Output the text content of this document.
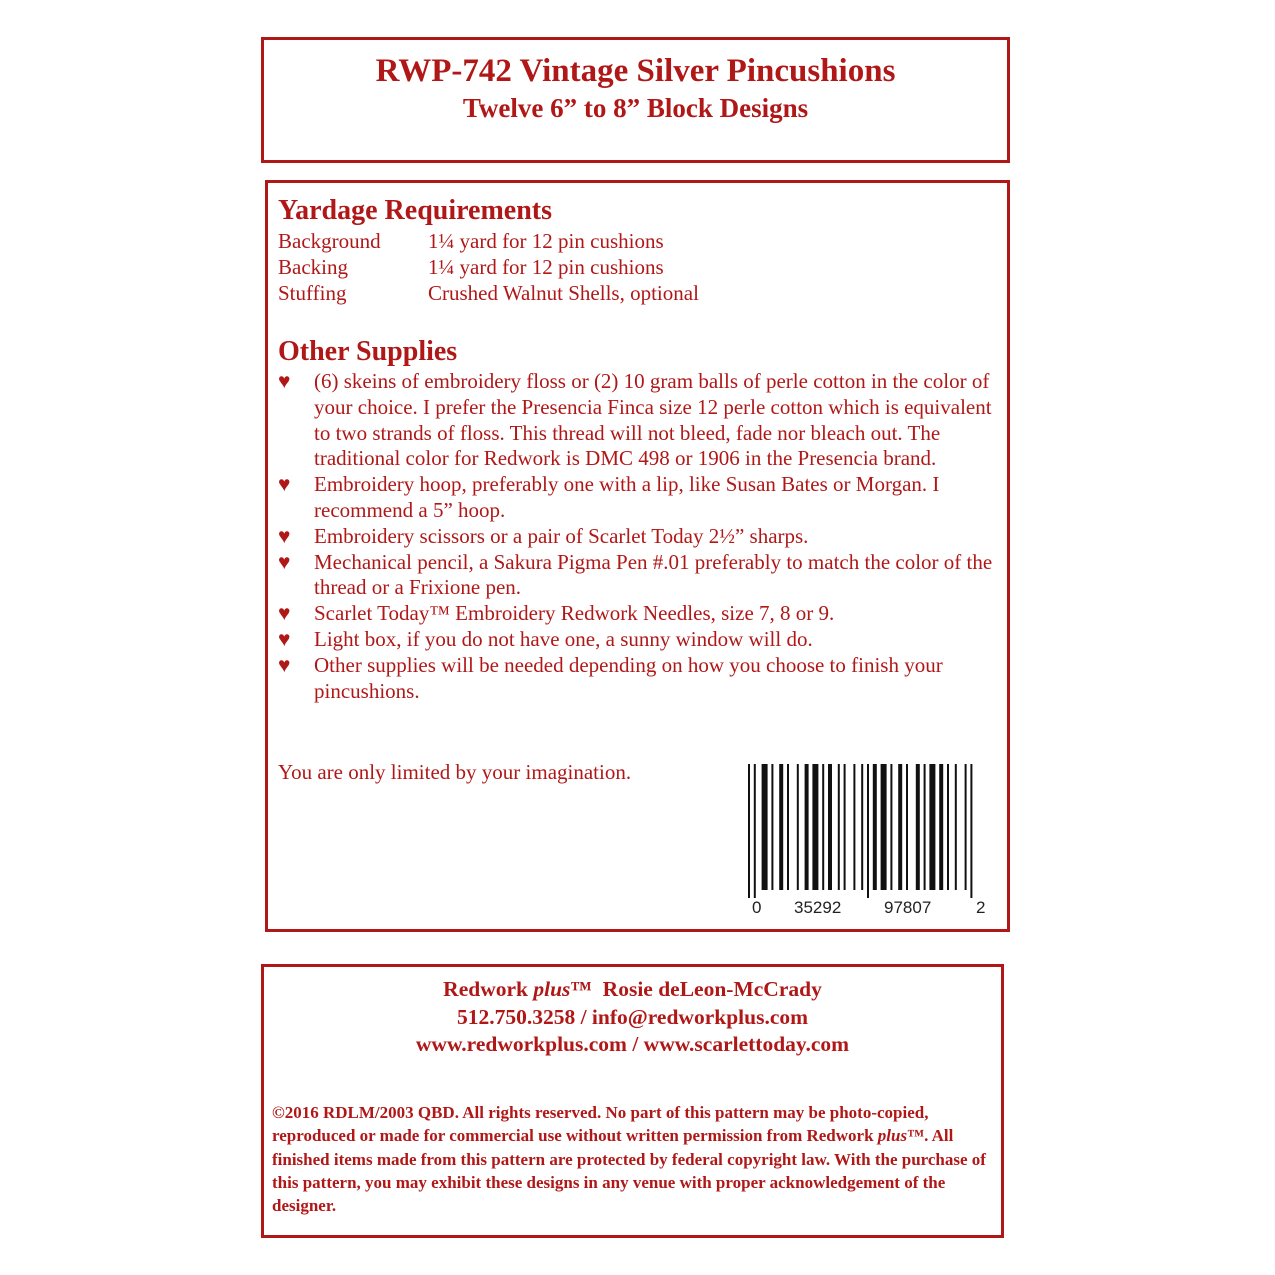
RWP-742 Vintage Silver Pincushions
Twelve 6” to 8” Block Designs
Yardage Requirements
Background 1¼ yard for 12 pin cushions
Backing	1¼ yard for 12 pin cushions
Stuffing	Crushed Walnut Shells, optional
Other Supplies
♥ (6) skeins of embroidery floss or (2) 10 gram balls of perle cotton in the color of your choice. I prefer the Presencia Finca size 12 perle cotton which is equivalent to two strands of floss. This thread will not bleed, fade nor bleach out. The traditional color for Redwork is DMC 498 or 1906 in the Presencia brand.
♥ Embroidery hoop, preferably one with a lip, like Susan Bates or Morgan. I recommend a 5” hoop.
♥ Embroidery scissors or a pair of Scarlet Today 2½” sharps.
♥ Mechanical pencil, a Sakura Pigma Pen #.01 preferably to match the color of the thread or a Frixione pen.
♥ Scarlet Today™ Embroidery Redwork Needles, size 7, 8 or 9.
♥ Light box, if you do not have one, a sunny window will do.
♥ Other supplies will be needed depending on how you choose to finish your pincushions.
You are only limited by your imagination.
0 35292	97807	2
Redwork plus™  Rosie deLeon-McCrady
512.750.3258 / info@redworkplus.com
www.redworkplus.com / www.scarlettoday.com

©2016 RDLM/2003 QBD. All rights reserved. No part of this pattern may be photo-copied, reproduced or made for commercial use without written permission from Redwork plus™. All finished items made from this pattern are protected by federal copyright law. With the purchase of this pattern, you may exhibit these designs in any venue with proper acknowledgement of the designer.
